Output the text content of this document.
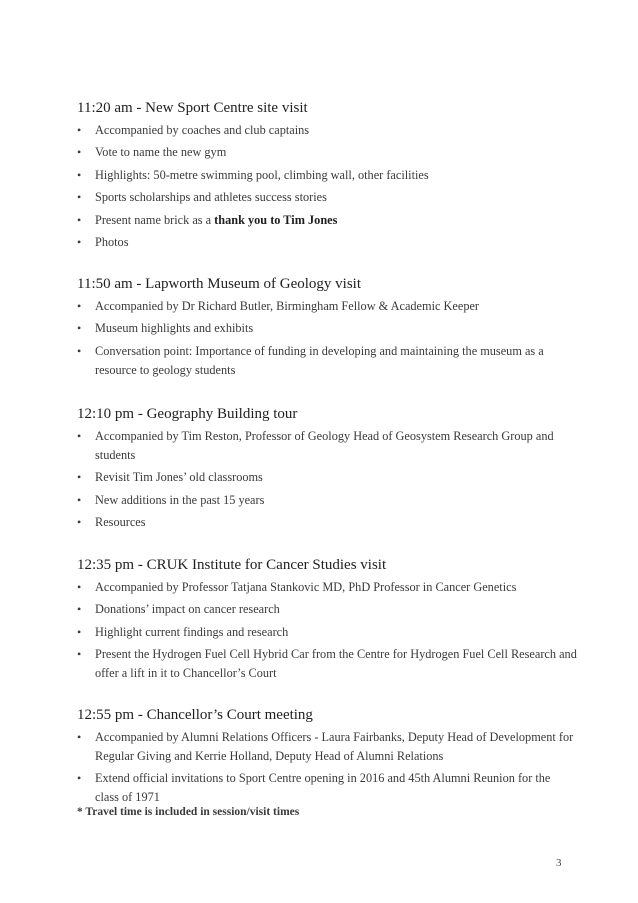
11:20 am - New Sport Centre site visit
• Accompanied by coaches and club captains
• Vote to name the new gym
• Highlights: 50-metre swimming pool, climbing wall, other facilities
• Sports scholarships and athletes success stories
• Present name brick as a thank you to Tim Jones
• Photos
11:50 am - Lapworth Museum of Geology visit
• Accompanied by Dr Richard Butler, Birmingham Fellow & Academic Keeper
• Museum highlights and exhibits
• Conversation point: Importance of funding in developing and maintaining the museum as a resource to geology students
12:10 pm - Geography Building tour
• Accompanied by Tim Reston, Professor of Geology Head of Geosystem Research Group and students
• Revisit Tim Jones’ old classrooms
• New additions in the past 15 years
• Resources
12:35 pm - CRUK Institute for Cancer Studies visit
• Accompanied by Professor Tatjana Stankovic MD, PhD Professor in Cancer Genetics
• Donations’ impact on cancer research
• Highlight current findings and research
• Present the Hydrogen Fuel Cell Hybrid Car from the Centre for Hydrogen Fuel Cell Research and offer a lift in it to Chancellor’s Court
12:55 pm - Chancellor’s Court meeting
• Accompanied by Alumni Relations Officers - Laura Fairbanks, Deputy Head of Development for Regular Giving and Kerrie Holland, Deputy Head of Alumni Relations
• Extend official invitations to Sport Centre opening in 2016 and 45th Alumni Reunion for the class of 1971
* Travel time is included in session/visit times
3
